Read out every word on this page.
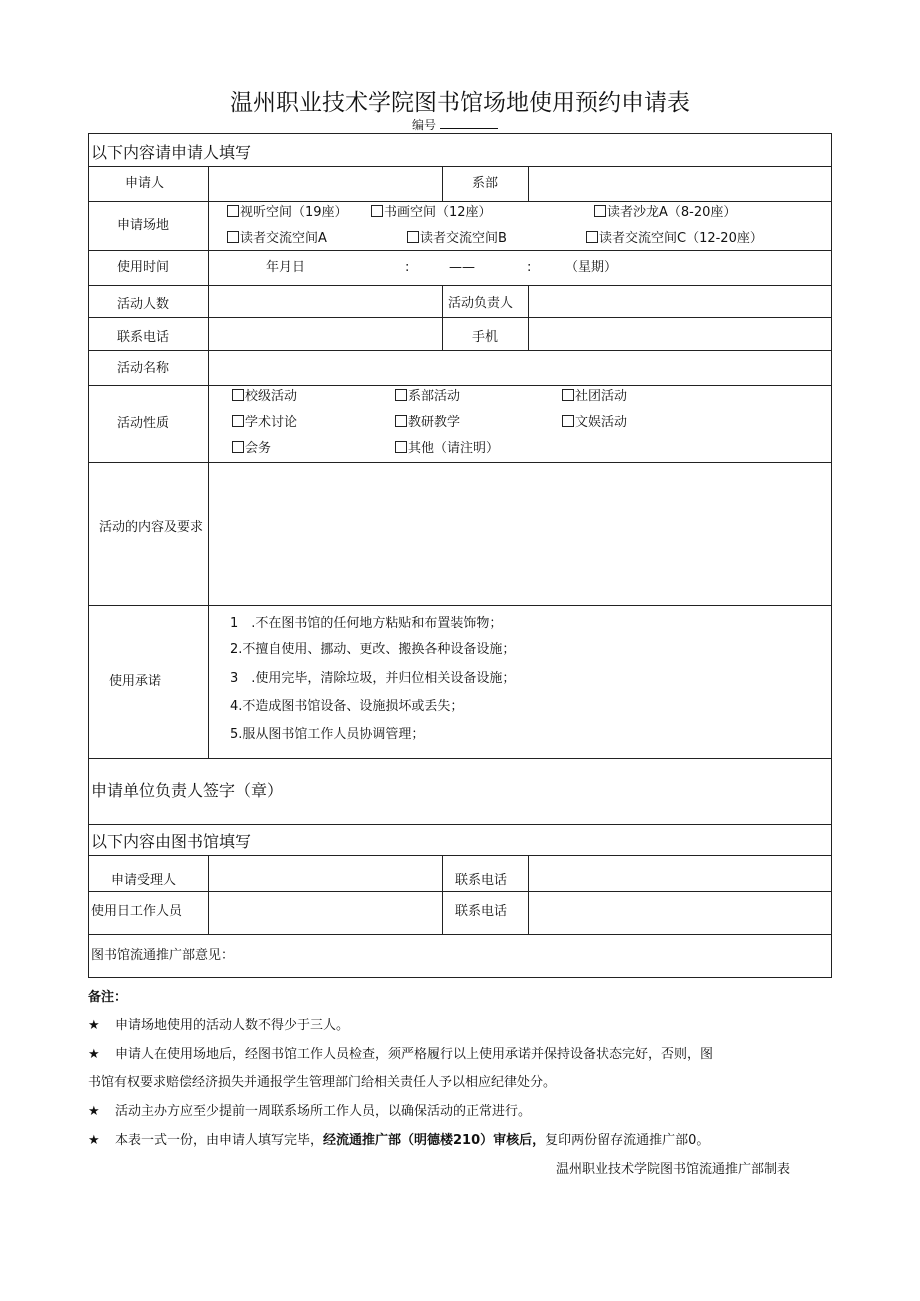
温州职业技术学院图书馆场地使用预约申请表
编号
以下内容请申请人填写
申请人	系部
申请场地
视听空间（19座）	书画空间（12座）	读者沙龙A（8-20座）
读者交流空间A	读者交流空间B	读者交流空间C（12-20座）
使用时间	年月日	:	——	:	（星期）
活动人数	活动负责人
联系电话	手机
活动名称
活动性质
校级活动	系部活动	社团活动
学术讨论	教研教学	文娱活动
会务	其他（请注明）
活动的内容及要求
使用承诺
1　.不在图书馆的任何地方粘贴和布置装饰物；
2.不擅自使用、挪动、更改、搬换各种设备设施；
3　.使用完毕，清除垃圾，并归位相关设备设施；
4.不造成图书馆设备、设施损坏或丢失；
5.服从图书馆工作人员协调管理；
申请单位负责人签字（章）
以下内容由图书馆填写
申请受理人	联系电话
使用日工作人员	联系电话
图书馆流通推广部意见：
备注：
★ 申请场地使用的活动人数不得少于三人。
★ 申请人在使用场地后，经图书馆工作人员检查，须严格履行以上使用承诺并保持设备状态完好，否则，图
书馆有权要求赔偿经济损失并通报学生管理部门给相关责任人予以相应纪律处分。
★ 活动主办方应至少提前一周联系场所工作人员，以确保活动的正常进行。
★ 本表一式一份，由申请人填写完毕，经流通推广部（明德楼210）审核后，复印两份留存流通推广部0。
温州职业技术学院图书馆流通推广部制表
